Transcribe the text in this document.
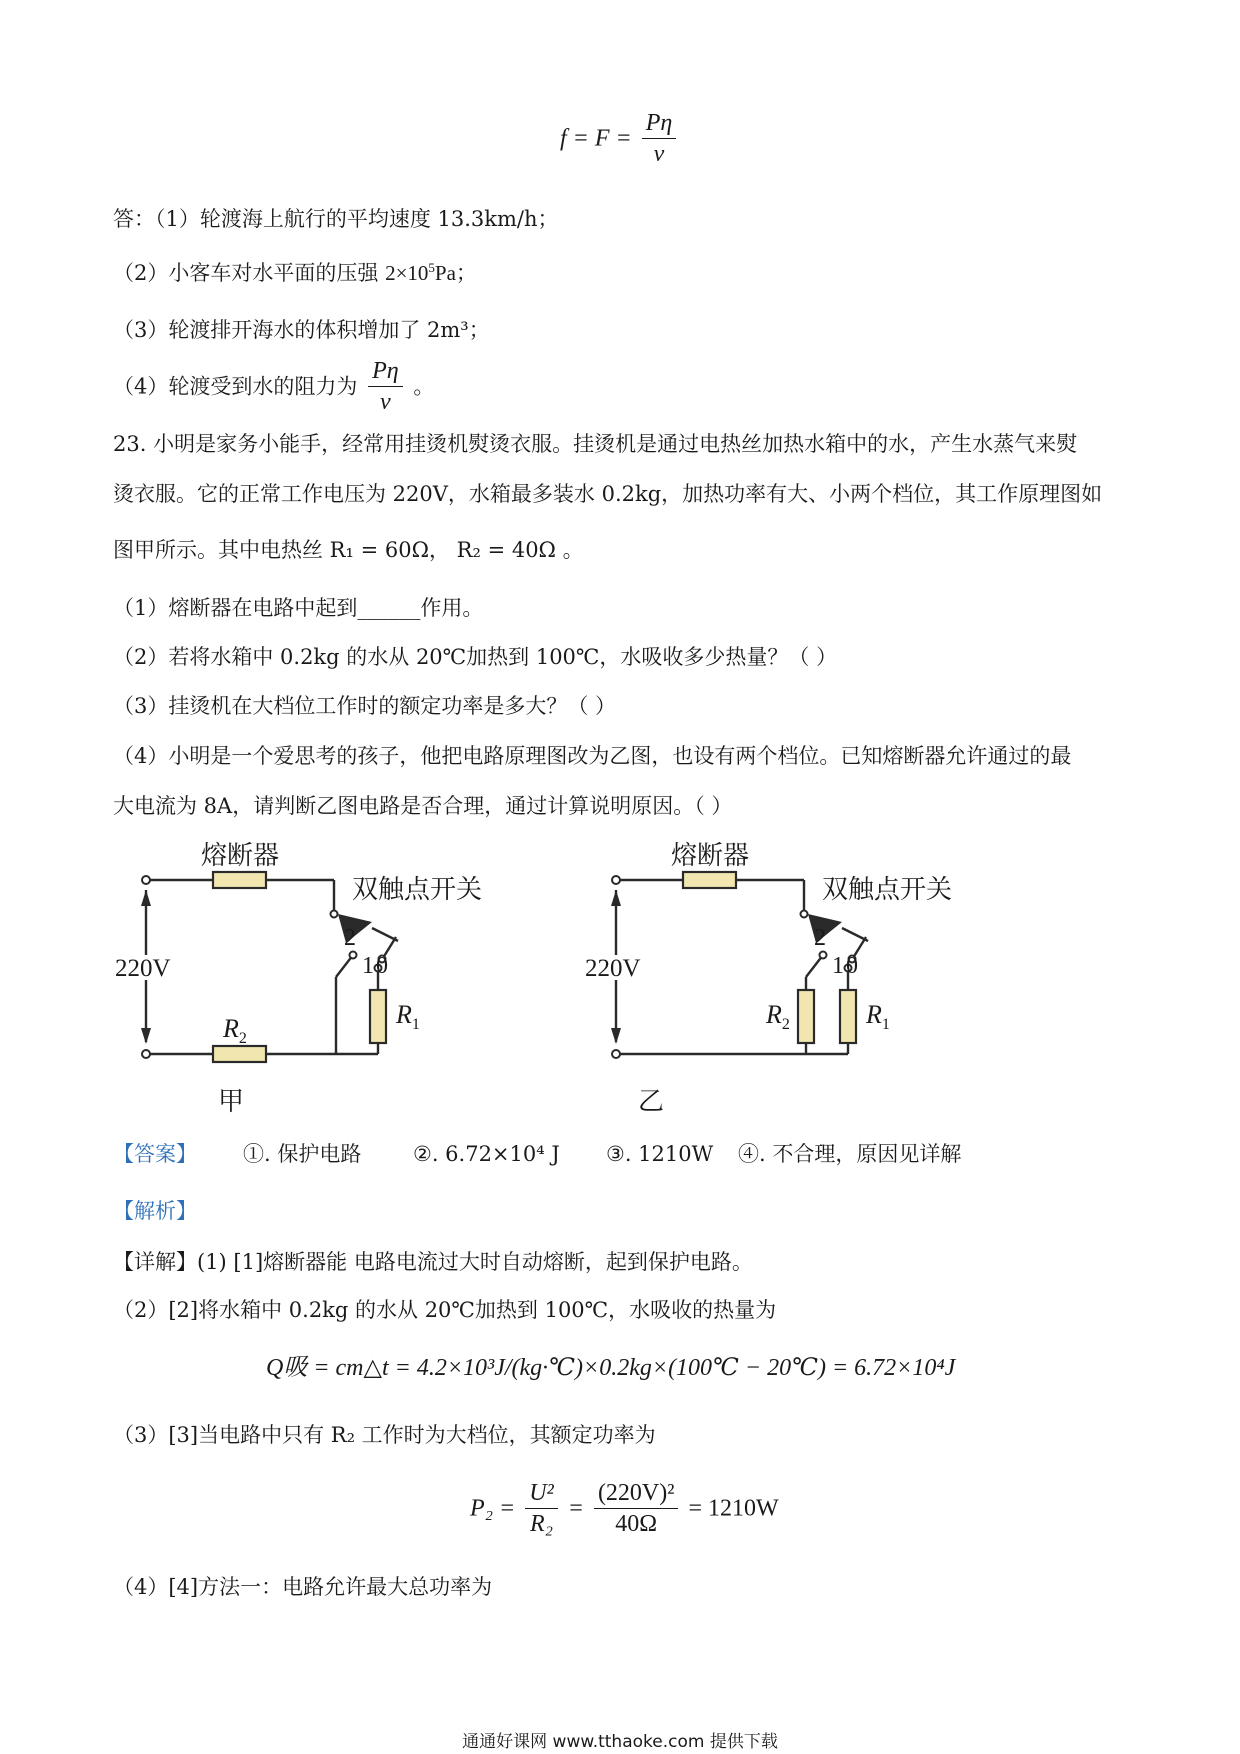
$f = F = \frac{P\eta}{v}$
答：（1）轮渡海上航行的平均速度 13.3km/h；
（2）小客车对水平面的压强 $2\times 10^5Pa$；
（3）轮渡排开海水的体积增加了 2m³；
（4）轮渡受到水的阻力为 $\frac{P\eta}{v}$ 。
23. 小明是家务小能手，经常用挂烫机熨烫衣服。挂烫机是通过电热丝加热水箱中的水，产生水蒸气来熨
烫衣服。它的正常工作电压为 220V，水箱最多装水 0.2kg，加热功率有大、小两个档位，其工作原理图如
图甲所示。其中电热丝 R₁ = 60Ω， R₂ = 40Ω 。
（1）熔断器在电路中起到______作用。
（2）若将水箱中 0.2kg 的水从 20℃加热到 100℃，水吸收多少热量？（ ）
（3）挂烫机在大档位工作时的额定功率是多大？（ ）
（4）小明是一个爱思考的孩子，他把电路原理图改为乙图，也设有两个档位。已知熔断器允许通过的最
大电流为 8A，请判断乙图电路是否合理，通过计算说明原因。（ ）
熔断器
双触点开关
220V
2
1 0
$R_1$
$R_2$
甲
熔断器
双触点开关
220V
2
1 0
$R_1$
$R_2$
乙
【答案】 ①. 保护电路 ②. 6.72×10⁴ J ③. 1210W ④. 不合理，原因见详解
【解析】
【详解】(1) [1]熔断器能 电路电流过大时自动熔断，起到保护电路。
（2）[2]将水箱中 0.2kg 的水从 20℃加热到 100℃，水吸收的热量为
Q吸 = cm△t = 4.2×10³J/(kg·℃)×0.2kg×(100℃ − 20℃) = 6.72×10⁴J
（3）[3]当电路中只有 R₂ 工作时为大档位，其额定功率为
$P_2 = \frac{\text{U²}}{\text{R₂}} = \frac{\text{(220V)²}}{40\Omega} = 1210W$
（4）[4]方法一：电路允许最大总功率为
通通好课网 www.tthaoke.com 提供下载
